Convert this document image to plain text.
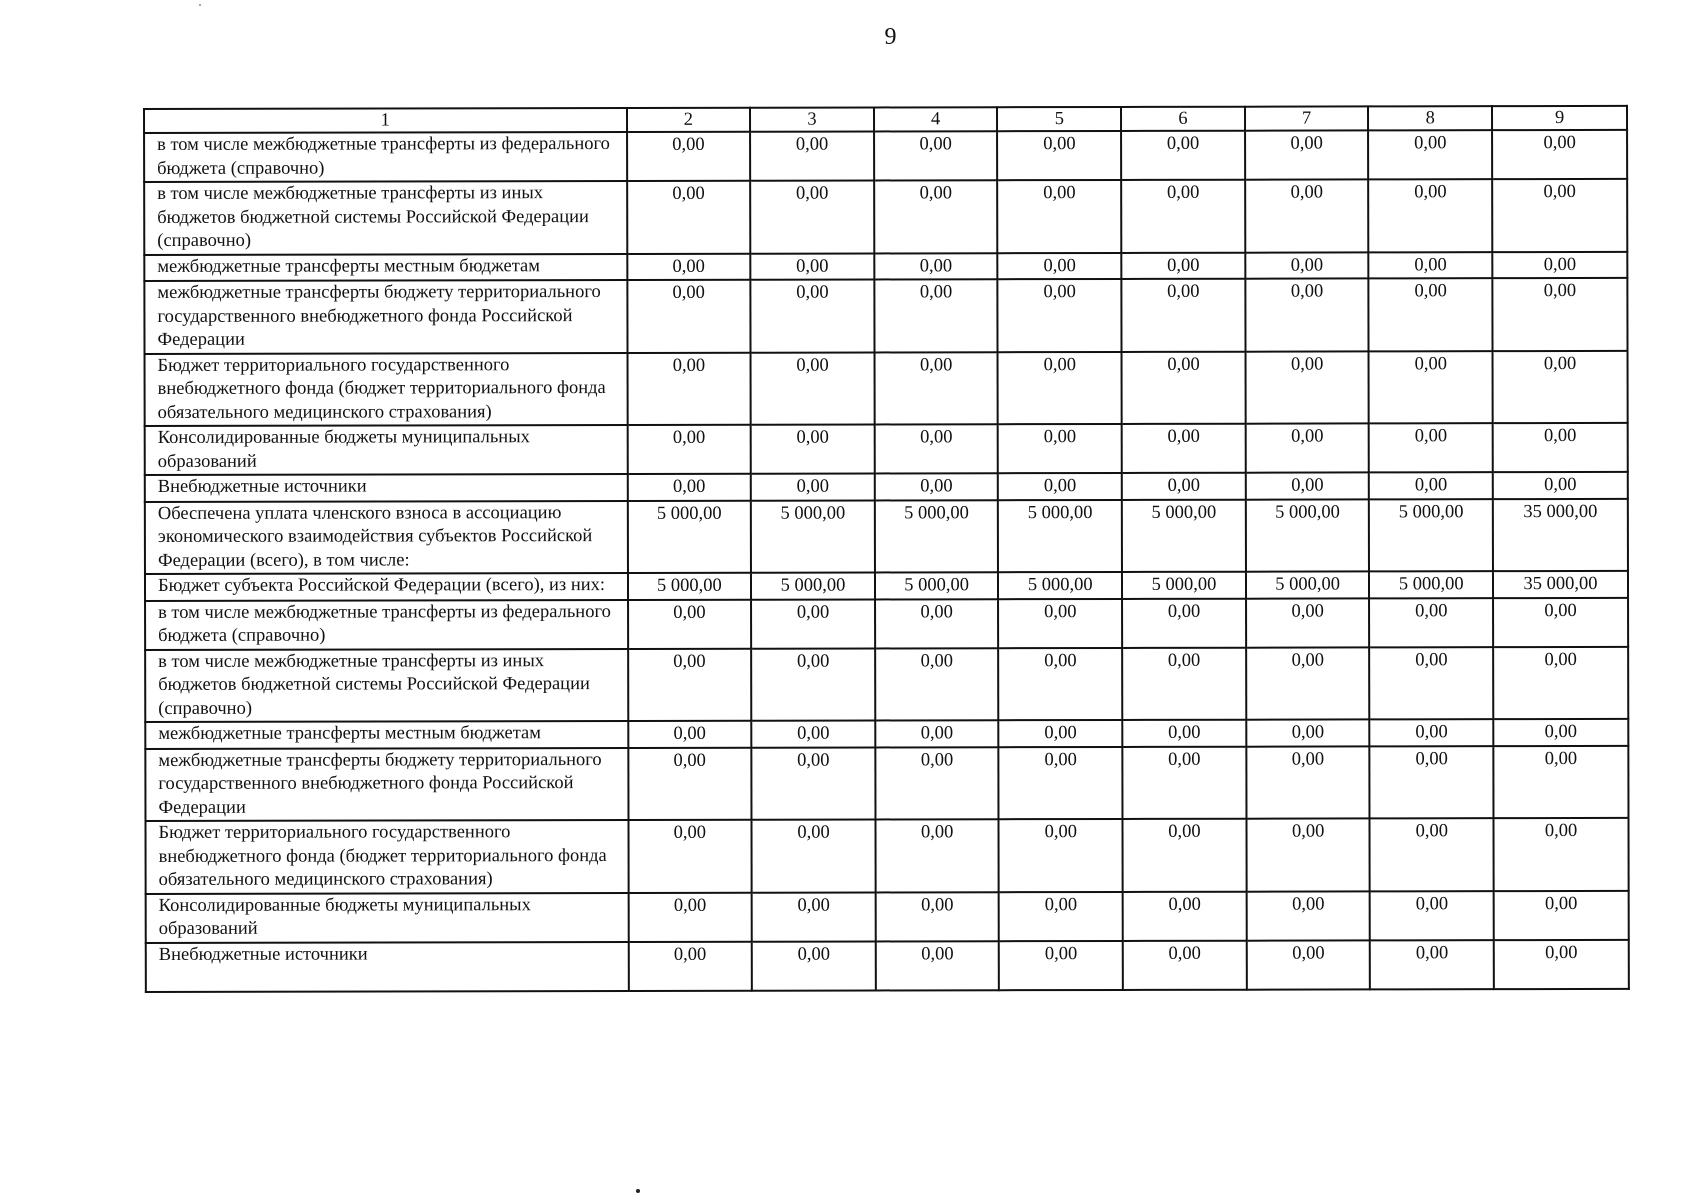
9
1	2	3	4	5	6	7	8	9
в том числе межбюджетные трансферты из федерального бюджета (справочно)	0,00	0,00	0,00	0,00	0,00	0,00	0,00	0,00
в том числе межбюджетные трансферты из иных бюджетов бюджетной системы Российской Федерации (справочно)	0,00	0,00	0,00	0,00	0,00	0,00	0,00	0,00
межбюджетные трансферты местным бюджетам	0,00	0,00	0,00	0,00	0,00	0,00	0,00	0,00
межбюджетные трансферты бюджету территориального государственного внебюджетного фонда Российской Федерации	0,00	0,00	0,00	0,00	0,00	0,00	0,00	0,00
Бюджет территориального государственного внебюджетного фонда (бюджет территориального фонда обязательного медицинского страхования)	0,00	0,00	0,00	0,00	0,00	0,00	0,00	0,00
Консолидированные бюджеты муниципальных образований	0,00	0,00	0,00	0,00	0,00	0,00	0,00	0,00
Внебюджетные источники	0,00	0,00	0,00	0,00	0,00	0,00	0,00	0,00
Обеспечена уплата членского взноса в ассоциацию экономического взаимодействия субъектов Российской Федерации (всего), в том числе:	5 000,00	5 000,00	5 000,00	5 000,00	5 000,00	5 000,00	5 000,00	35 000,00
Бюджет субъекта Российской Федерации (всего), из них:	5 000,00	5 000,00	5 000,00	5 000,00	5 000,00	5 000,00	5 000,00	35 000,00
в том числе межбюджетные трансферты из федерального бюджета (справочно)	0,00	0,00	0,00	0,00	0,00	0,00	0,00	0,00
в том числе межбюджетные трансферты из иных бюджетов бюджетной системы Российской Федерации (справочно)	0,00	0,00	0,00	0,00	0,00	0,00	0,00	0,00
межбюджетные трансферты местным бюджетам	0,00	0,00	0,00	0,00	0,00	0,00	0,00	0,00
межбюджетные трансферты бюджету территориального государственного внебюджетного фонда Российской Федерации	0,00	0,00	0,00	0,00	0,00	0,00	0,00	0,00
Бюджет территориального государственного внебюджетного фонда (бюджет территориального фонда обязательного медицинского страхования)	0,00	0,00	0,00	0,00	0,00	0,00	0,00	0,00
Консолидированные бюджеты муниципальных образований	0,00	0,00	0,00	0,00	0,00	0,00	0,00	0,00
Внебюджетные источники	0,00	0,00	0,00	0,00	0,00	0,00	0,00	0,00
